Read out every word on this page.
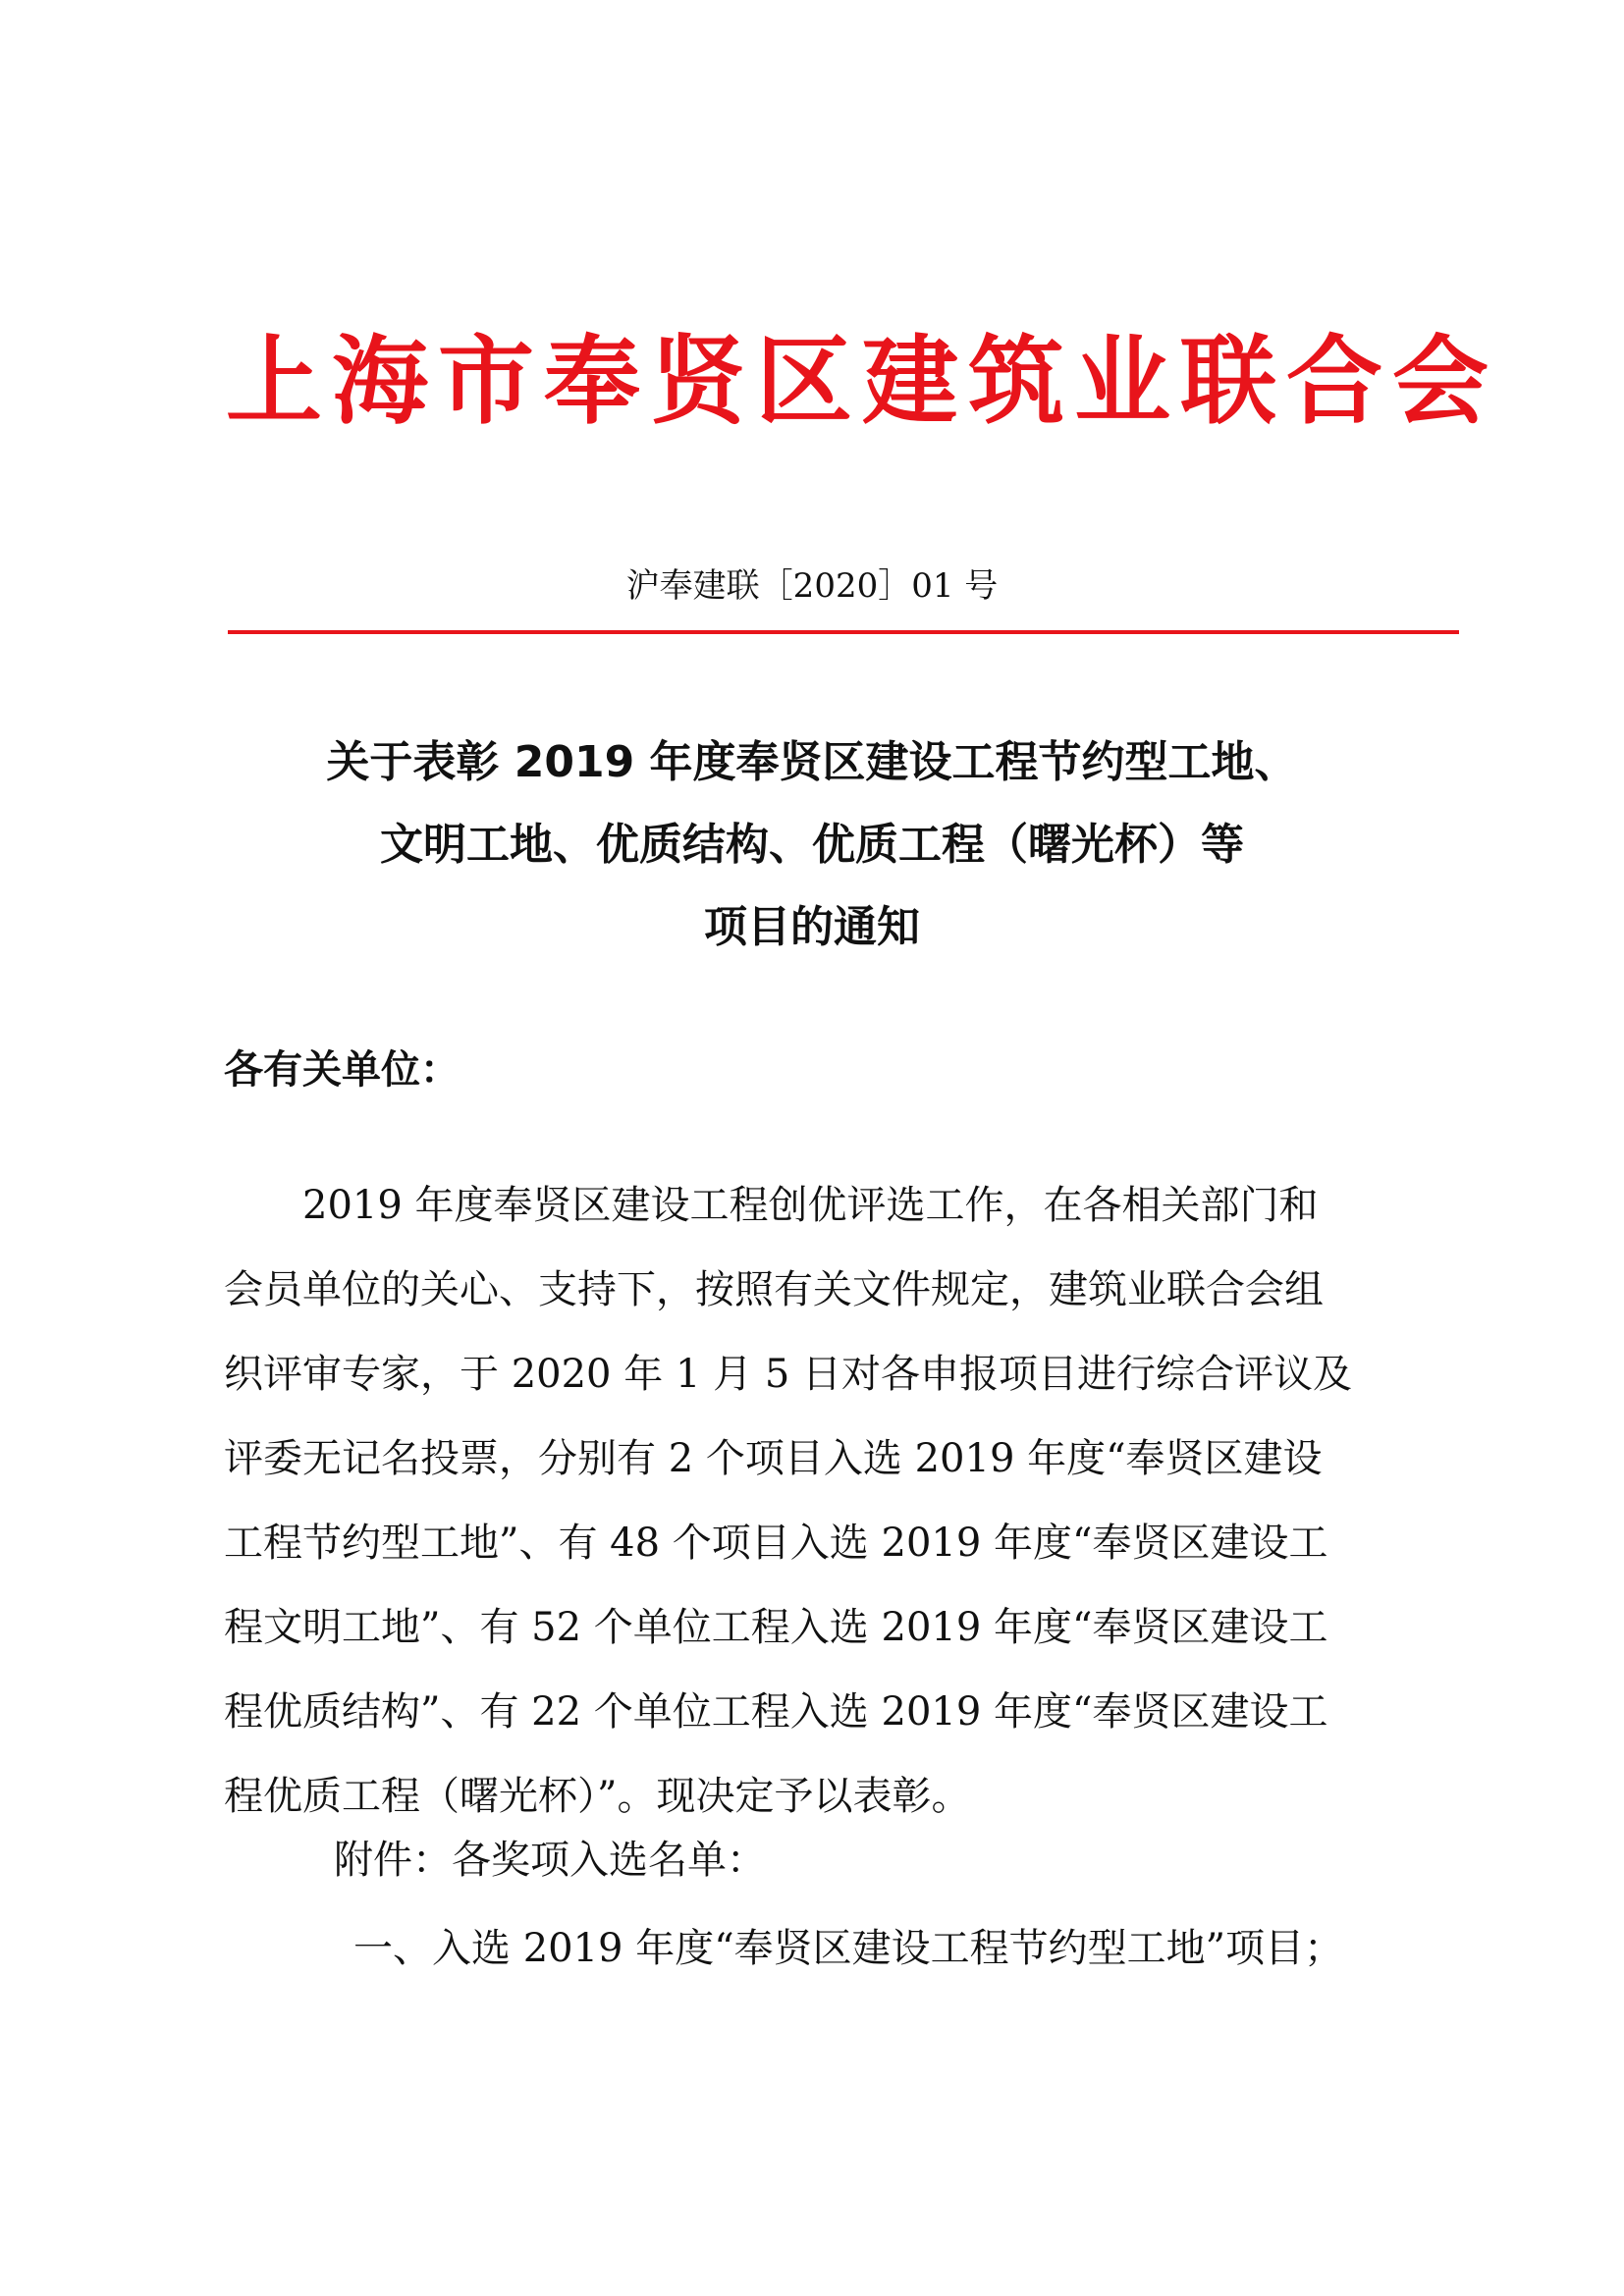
上海市奉贤区建筑业联合会
沪奉建联［2020］01 号
关于表彰 2019 年度奉贤区建设工程节约型工地、
文明工地、优质结构、优质工程（曙光杯）等
项目的通知
各有关单位：
　　2019 年度奉贤区建设工程创优评选工作，在各相关部门和
会员单位的关心、支持下，按照有关文件规定，建筑业联合会组
织评审专家，于 2020 年 1 月 5 日对各申报项目进行综合评议及
评委无记名投票，分别有 2 个项目入选 2019 年度“奉贤区建设
工程节约型工地”、有 48 个项目入选 2019 年度“奉贤区建设工
程文明工地”、有 52 个单位工程入选 2019 年度“奉贤区建设工
程优质结构”、有 22 个单位工程入选 2019 年度“奉贤区建设工
程优质工程（曙光杯）”。现决定予以表彰。
附件：各奖项入选名单：
一、入选 2019 年度“奉贤区建设工程节约型工地”项目；
